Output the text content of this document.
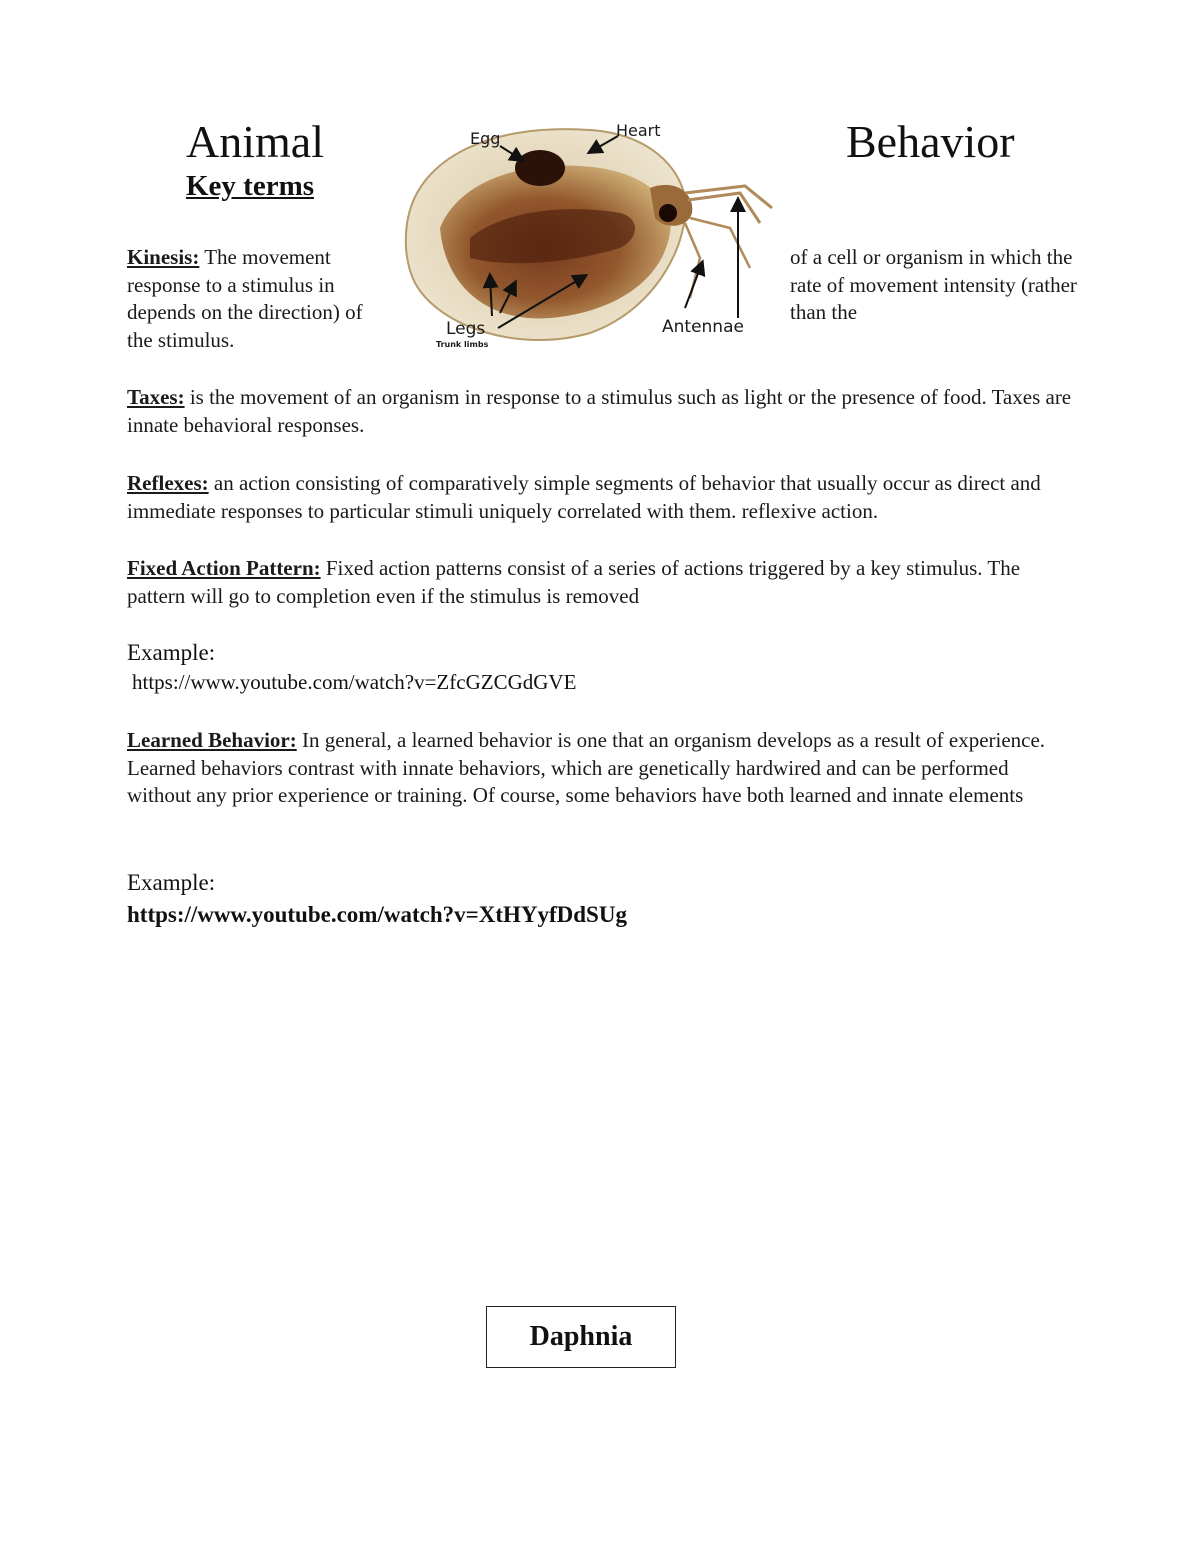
Animal	Behavior
Key terms
Egg	Heart
Legs
Trunk limbs
Antennae
Kinesis: The movement response to a stimulus in depends on the direction) of the stimulus.
of a cell or organism in which the rate of movement intensity (rather than the
Taxes: is the movement of an organism in response to a stimulus such as light or the presence of food. Taxes are innate behavioral responses.
Reflexes: an action consisting of comparatively simple segments of behavior that usually occur as direct and immediate responses to particular stimuli uniquely correlated with them. reflexive action.
Fixed Action Pattern: Fixed action patterns consist of a series of actions triggered by a key stimulus. The pattern will go to completion even if the stimulus is removed
Example:
https://www.youtube.com/watch?v=ZfcGZCGdGVE
Learned Behavior: In general, a learned behavior is one that an organism develops as a result of experience. Learned behaviors contrast with innate behaviors, which are genetically hardwired and can be performed without any prior experience or training. Of course, some behaviors have both learned and innate elements
Example:
https://www.youtube.com/watch?v=XtHYyfDdSUg
Daphnia
